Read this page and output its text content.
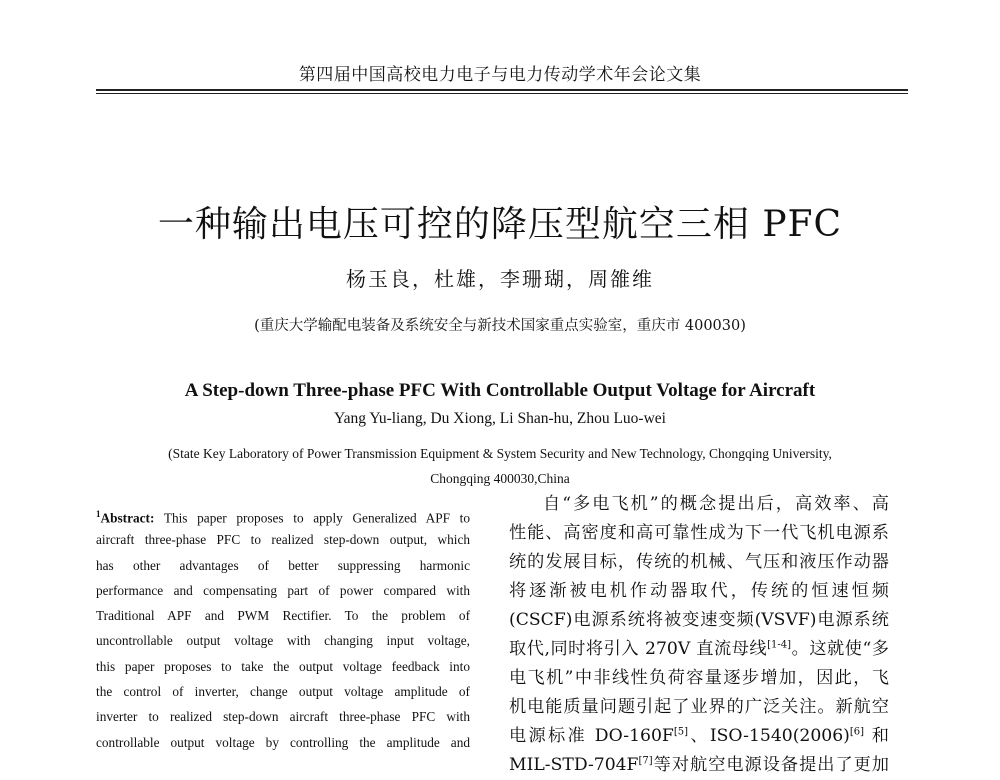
第四届中国高校电力电子与电力传动学术年会论文集
一种输出电压可控的降压型航空三相 PFC
杨玉良，杜雄，李珊瑚，周雒维
(重庆大学输配电装备及系统安全与新技术国家重点实验室，重庆市 400030)
A Step-down Three-phase PFC With Controllable Output Voltage for Aircraft
Yang Yu-liang, Du Xiong, Li Shan-hu, Zhou Luo-wei
(State Key Laboratory of Power Transmission Equipment & System Security and New Technology, Chongqing University,
Chongqing 400030,China
$^1$Abstract: This paper proposes to apply Generalized APF to
aircraft three-phase PFC to realized step-down output, which
has other advantages of better suppressing harmonic
performance and compensating part of power compared with
Traditional APF and PWM Rectifier. To the problem of
uncontrollable output voltage with changing input voltage,
this paper proposes to take the output voltage feedback into
the control of inverter, change output voltage amplitude of
inverter to realized step-down aircraft three-phase PFC with
controllable output voltage by controlling the amplitude and
自“多电飞机”的概念提出后，高效率、高
性能、高密度和高可靠性成为下一代飞机电源系
统的发展目标，传统的机械、气压和液压作动器
将逐渐被电机作动器取代，传统的恒速恒频
(CSCF)电源系统将被变速变频(VSVF)电源系统
取代,同时将引入 270V 直流母线[1-4]。这就使“多
电飞机”中非线性负荷容量逐步增加，因此，飞
机电能质量问题引起了业界的广泛关注。新航空
电源标准 DO-160F[5]、ISO-1540(2006)[6] 和
MIL-STD-704F[7]等对航空电源设备提出了更加
